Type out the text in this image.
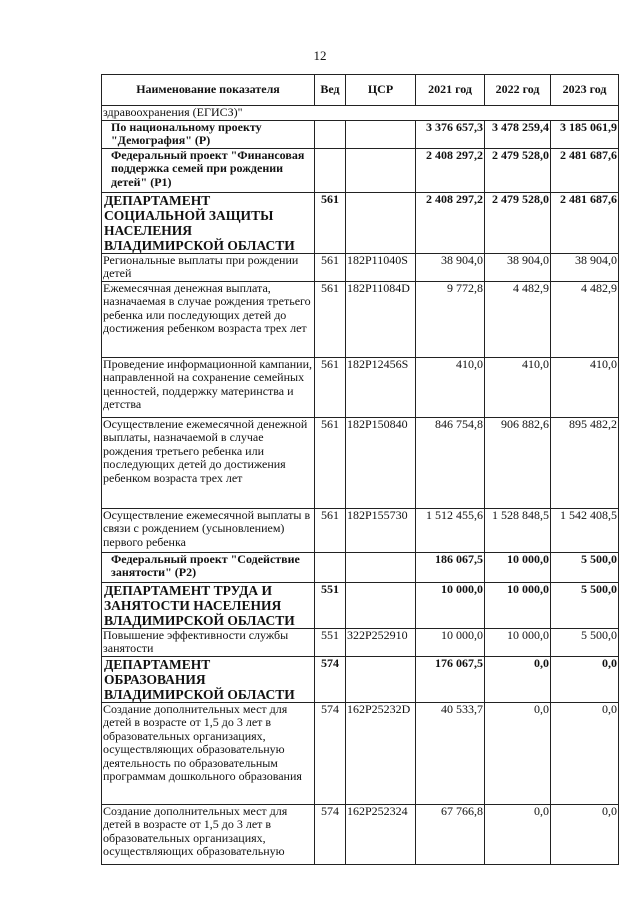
12
Наименование показателя	Вед	ЦСР	2021 год	2022 год	2023 год
здравоохранения (ЕГИСЗ)"					
По национальному проекту "Демография" (Р)			3 376 657,3	3 478 259,4	3 185 061,9
Федеральный проект "Финансовая поддержка семей при рождении детей" (Р1)			2 408 297,2	2 479 528,0	2 481 687,6
ДЕПАРТАМЕНТ СОЦИАЛЬНОЙ ЗАЩИТЫ НАСЕЛЕНИЯ ВЛАДИМИРСКОЙ ОБЛАСТИ	561		2 408 297,2	2 479 528,0	2 481 687,6
Региональные выплаты при рождении детей	561	182P11040S	38 904,0	38 904,0	38 904,0
Ежемесячная денежная выплата, назначаемая в случае рождения третьего ребенка или последующих детей до достижения ребенком возраста трех лет	561	182P11084D	9 772,8	4 482,9	4 482,9
Проведение информационной кампании, направленной на сохранение семейных ценностей, поддержку материнства и детства	561	182P12456S	410,0	410,0	410,0
Осуществление ежемесячной денежной выплаты, назначаемой в случае рождения третьего ребенка или последующих детей до достижения ребенком возраста трех лет	561	182P150840	846 754,8	906 882,6	895 482,2
Осуществление ежемесячной выплаты в связи с рождением (усыновлением) первого ребенка	561	182P155730	1 512 455,6	1 528 848,5	1 542 408,5
Федеральный проект "Содействие занятости" (Р2)			186 067,5	10 000,0	5 500,0
ДЕПАРТАМЕНТ ТРУДА И ЗАНЯТОСТИ НАСЕЛЕНИЯ ВЛАДИМИРСКОЙ ОБЛАСТИ	551		10 000,0	10 000,0	5 500,0
Повышение эффективности службы занятости	551	322P252910	10 000,0	10 000,0	5 500,0
ДЕПАРТАМЕНТ ОБРАЗОВАНИЯ ВЛАДИМИРСКОЙ ОБЛАСТИ	574		176 067,5	0,0	0,0
Создание дополнительных мест для детей в возрасте от 1,5 до 3 лет в образовательных организациях, осуществляющих образовательную деятельность по образовательным программам дошкольного образования	574	162P25232D	40 533,7	0,0	0,0
Создание дополнительных мест для детей в возрасте от 1,5 до 3 лет в образовательных организациях, осуществляющих образовательную	574	162P252324	67 766,8	0,0	0,0
